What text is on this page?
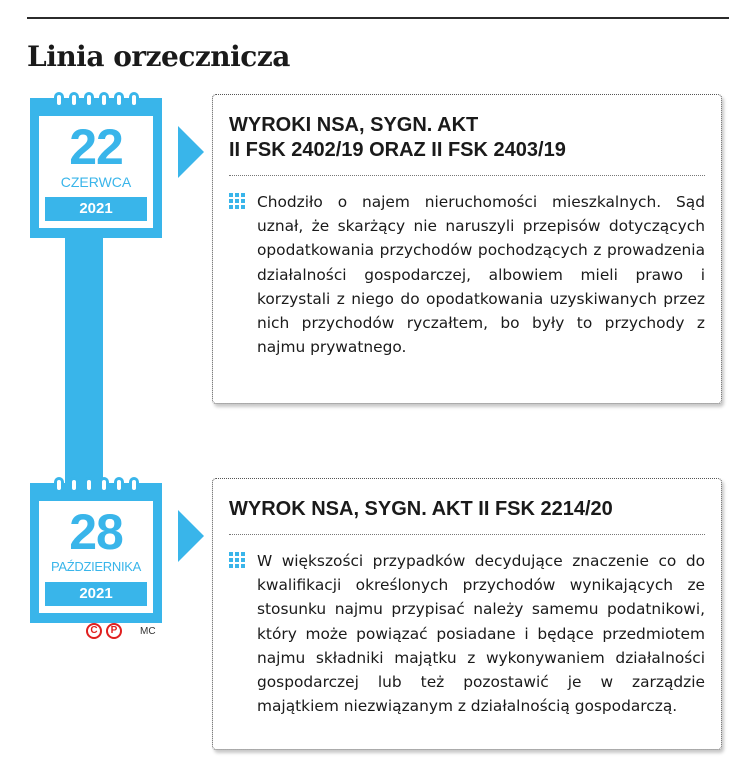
Linia orzecznicza
22
CZERWCA
2021
WYROKI NSA, SYGN. AKT
II FSK 2402/19 ORAZ II FSK 2403/19

Chodziło o najem nieruchomości mieszkalnych. Sąd uznał, że skarżący nie naruszyli przepisów dotyczących opodatkowania przychodów pochodzących z prowadzenia działalności gospodarczej, albowiem mieli prawo i korzystali z niego do opodatkowania uzyskiwanych przez nich przychodów ryczałtem, bo były to przychody z najmu prywatnego.

28
PAŹDZIERNIKA
2021
WYROK NSA, SYGN. AKT II FSK 2214/20

W większości przypadków decydujące znaczenie co do kwalifikacji określonych przychodów wynikających ze stosunku najmu przypisać należy samemu podatnikowi, który może powiązać posiadane i będące przedmiotem najmu składniki majątku z wykonywaniem działalności gospodarczej lub też pozostawić je w zarządzie majątkiem niezwiązanym z działalnością gospodarczą.

C	P	MC
